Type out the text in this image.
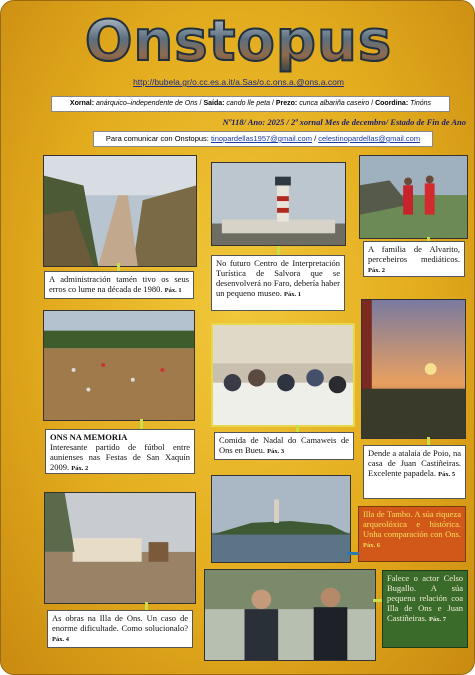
Onstopus
http://bubela.gr/o.cc.es.a.it/a.Sas/o.c.ons.a.@ons.a.com
Xornal: anárquico–independente de Ons / Saída: cando lle peta / Prezo: cunca albariña caseiro / Coordina: Tinóns
Nº118/ Ano: 2025 / 2ª xornal Mes de decembro/ Estado de Fin de Ano
Para comunicar con Onstopus: tinopardellas1957@gmail.com / celestinopardellas@gmail.com
A administración tamén tivo os seus erros co lume na década de 1980. Páx. 1
No futuro Centro de Interpretación Turística de Salvora que se desenvolverá no Faro, debería haber un pequeno museo. Páx. 1
A familia de Alvarito, percebeiros mediáticos. Páx. 2
ONS NA MEMORIA
Interesante partido de fútbol entre aunienses nas Festas de San Xaquín 2009. Páx. 2
Comida de Nadal do Camaweis de Ons en Bueu. Páx. 3	Dende a atalaia de Poio, na casa de Juan Castiñeiras. Excelente papadela. Páx. 5
Illa de Tambo. A súa riqueza arqueolóxica e histórica. Unha comparación con Ons. Páx. 6
As obras na Illa de Ons. Un caso de enorme dificultade. Como solucionalo? Páx. 4
Falece o actor Celso Bugallo. A súa pequena relación coa Illa de Ons e Juan Castiñeiras. Páx. 7
